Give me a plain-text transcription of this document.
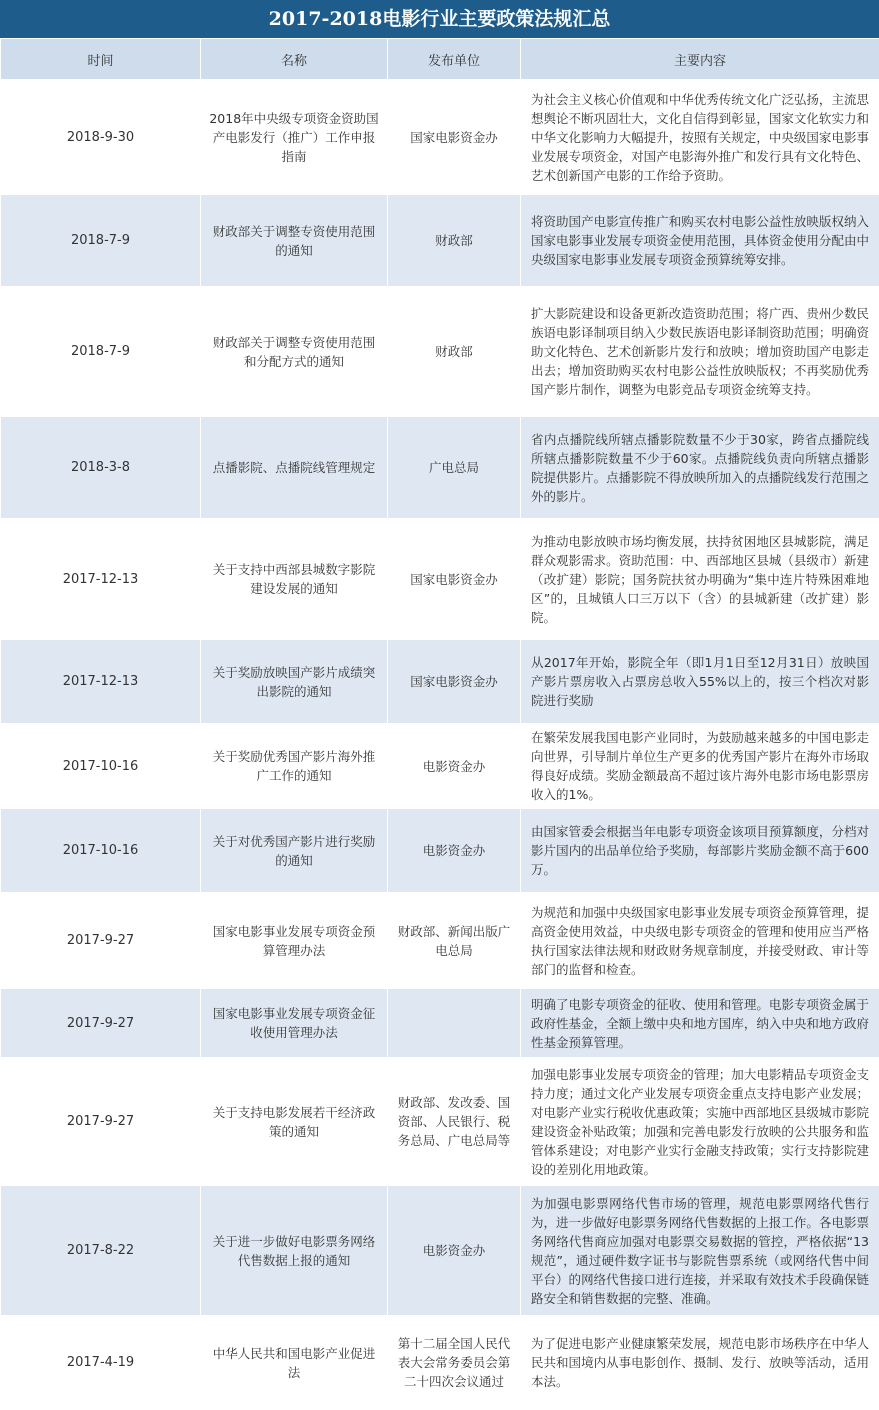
2017-2018电影行业主要政策法规汇总
时间	名称	发布单位	主要内容
2018-9-30	2018年中央级专项资金资助国产电影发行（推广）工作申报指南	国家电影资金办	为社会主义核心价值观和中华优秀传统文化广泛弘扬，主流思想舆论不断巩固壮大，文化自信得到彰显，国家文化软实力和中华文化影响力大幅提升，按照有关规定，中央级国家电影事业发展专项资金，对国产电影海外推广和发行具有文化特色、艺术创新国产电影的工作给予资助。
2018-7-9	财政部关于调整专资使用范围的通知	财政部	将资助国产电影宣传推广和购买农村电影公益性放映版权纳入国家电影事业发展专项资金使用范围，具体资金使用分配由中央级国家电影事业发展专项资金预算统筹安排。
2018-7-9	财政部关于调整专资使用范围和分配方式的通知	财政部	扩大影院建设和设备更新改造资助范围；将广西、贵州少数民族语电影译制项目纳入少数民族语电影译制资助范围；明确资助文化特色、艺术创新影片发行和放映；增加资助国产电影走出去；增加资助购买农村电影公益性放映版权；不再奖励优秀国产影片制作，调整为电影竞品专项资金统筹支持。
2018-3-8	点播影院、点播院线管理规定	广电总局	省内点播院线所辖点播影院数量不少于30家，跨省点播院线所辖点播影院数量不少于60家。点播院线负责向所辖点播影院提供影片。点播影院不得放映所加入的点播院线发行范围之外的影片。
2017-12-13	关于支持中西部县城数字影院建设发展的通知	国家电影资金办	为推动电影放映市场均衡发展，扶持贫困地区县城影院，满足群众观影需求。资助范围：中、西部地区县城（县级市）新建（改扩建）影院；国务院扶贫办明确为“集中连片特殊困难地区”的，且城镇人口三万以下（含）的县城新建（改扩建）影院。
2017-12-13	关于奖励放映国产影片成绩突出影院的通知	国家电影资金办	从2017年开始，影院全年（即1月1日至12月31日）放映国产影片票房收入占票房总收入55%以上的，按三个档次对影院进行奖励
2017-10-16	关于奖励优秀国产影片海外推广工作的通知	电影资金办	在繁荣发展我国电影产业同时，为鼓励越来越多的中国电影走向世界，引导制片单位生产更多的优秀国产影片在海外市场取得良好成绩。奖励金额最高不超过该片海外电影市场电影票房收入的1%。
2017-10-16	关于对优秀国产影片进行奖励的通知	电影资金办	由国家管委会根据当年电影专项资金该项目预算额度，分档对影片国内的出品单位给予奖励，每部影片奖励金额不高于600万。
2017-9-27	国家电影事业发展专项资金预算管理办法	财政部、新闻出版广电总局	为规范和加强中央级国家电影事业发展专项资金预算管理，提高资金使用效益，中央级电影专项资金的管理和使用应当严格执行国家法律法规和财政财务规章制度，并接受财政、审计等部门的监督和检查。
2017-9-27	国家电影事业发展专项资金征收使用管理办法		明确了电影专项资金的征收、使用和管理。电影专项资金属于政府性基金，全额上缴中央和地方国库，纳入中央和地方政府性基金预算管理。
2017-9-27	关于支持电影发展若干经济政策的通知	财政部、发改委、国资部、人民银行、税务总局、广电总局等	加强电影事业发展专项资金的管理；加大电影精品专项资金支持力度；通过文化产业发展专项资金重点支持电影产业发展；对电影产业实行税收优惠政策；实施中西部地区县级城市影院建设资金补贴政策；加强和完善电影发行放映的公共服务和监管体系建设；对电影产业实行金融支持政策；实行支持影院建设的差别化用地政策。
2017-8-22	关于进一步做好电影票务网络代售数据上报的通知	电影资金办	为加强电影票网络代售市场的管理，规范电影票网络代售行为，进一步做好电影票务网络代售数据的上报工作。各电影票务网络代售商应加强对电影票交易数据的管控，严格依据“13规范”，通过硬件数字证书与影院售票系统（或网络代售中间平台）的网络代售接口进行连接，并采取有效技术手段确保链路安全和销售数据的完整、准确。
2017-4-19	中华人民共和国电影产业促进法	第十二届全国人民代表大会常务委员会第二十四次会议通过	为了促进电影产业健康繁荣发展，规范电影市场秩序在中华人民共和国境内从事电影创作、摄制、发行、放映等活动，适用本法。
